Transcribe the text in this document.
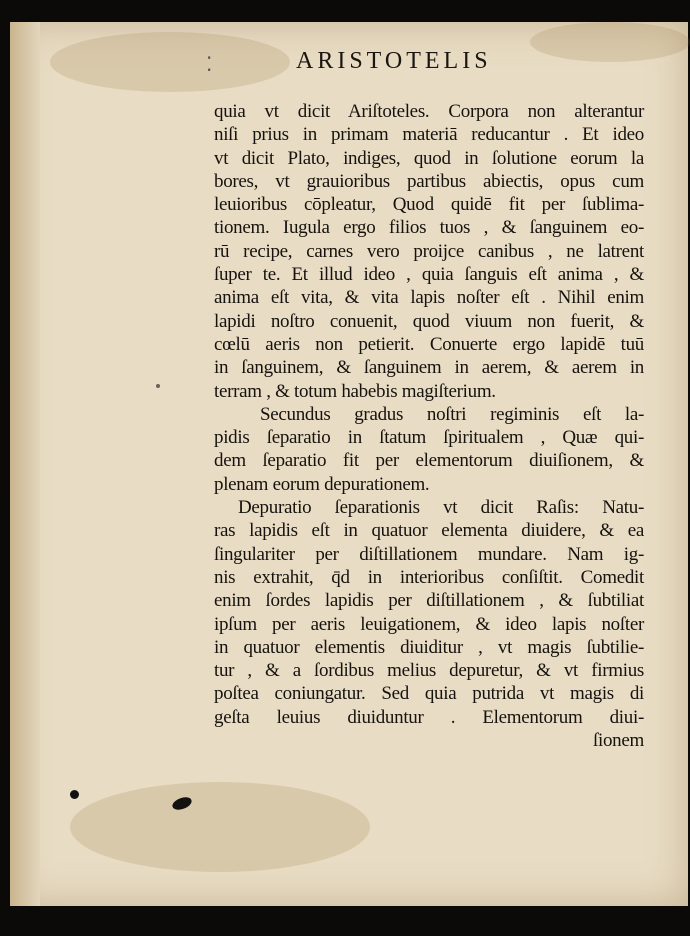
⁚	ARISTOTELIS
quia vt dicit Ariſtoteles. Corpora non alterantur
niſi prius in primam materiā reducantur . Et ideo
vt dicit Plato, indiges, quod in ſolutione eorum la
bores, vt grauioribus partibus abiectis, opus cum
leuioribus cōpleatur, Quod quidē fit per ſublima-
tionem. Iugula ergo filios tuos , & ſanguinem eo-
rū recipe, carnes vero proijce canibus , ne latrent
ſuper te. Et illud ideo , quia ſanguis eſt anima , &
anima eſt vita, & vita lapis noſter eſt . Nihil enim
lapidi noſtro conuenit, quod viuum non fuerit, &
cœlū aeris non petierit. Conuerte ergo lapidē tuū
in ſanguinem, & ſanguinem in aerem, & aerem in
terram , & totum habebis magiſterium.
Secundus gradus noſtri regiminis eſt la-
pidis ſeparatio in ſtatum ſpiritualem , Quæ qui-
dem ſeparatio fit per elementorum diuiſionem, &
plenam eorum depurationem.
Depuratio ſeparationis vt dicit Raſis: Natu-
ras lapidis eſt in quatuor elementa diuidere, & ea
ſingulariter per diſtillationem mundare. Nam ig-
nis extrahit, q̄d in interioribus conſiſtit. Comedit
enim ſordes lapidis per diſtillationem , & ſubtiliat
ipſum per aeris leuigationem, & ideo lapis noſter
in quatuor elementis diuiditur , vt magis ſubtilie-
tur , & a ſordibus melius depuretur, & vt firmius
poſtea coniungatur. Sed quia putrida vt magis di
geſta leuius diuiduntur . Elementorum diui-
ſionem
